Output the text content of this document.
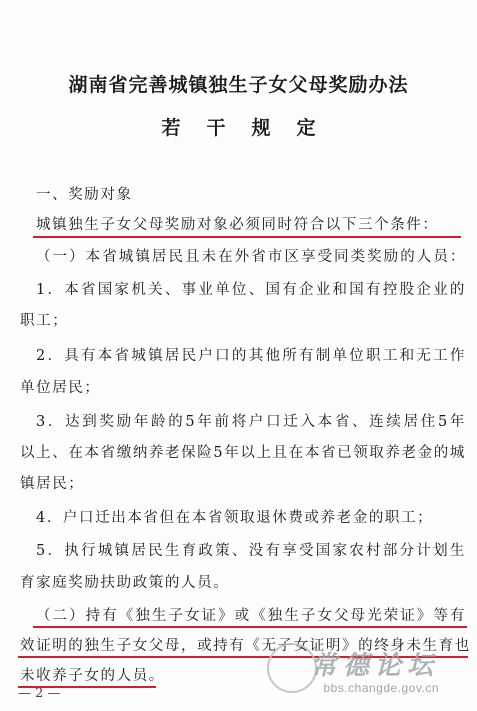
湖南省完善城镇独生子女父母奖励办法
若干规定
一、奖励对象
城镇独生子女父母奖励对象必须同时符合以下三个条件：
（一）本省城镇居民且未在外省市区享受同类奖励的人员：
1．本省国家机关、事业单位、国有企业和国有控股企业的
职工；
2．具有本省城镇居民户口的其他所有制单位职工和无工作
单位居民；
3．达到奖励年龄的5年前将户口迁入本省、连续居住5年
以上、在本省缴纳养老保险5年以上且在本省已领取养老金的城
镇居民；
4．户口迁出本省但在本省领取退休费或养老金的职工；
5．执行城镇居民生育政策、没有享受国家农村部分计划生
育家庭奖励扶助政策的人员。
（二）持有《独生子女证》或《独生子女父母光荣证》等有
效证明的独生子女父母，或持有《无子女证明》的终身未生育也
未收养子女的人员。
— 2 —
常德论坛
bbs.changde.gov.cn
